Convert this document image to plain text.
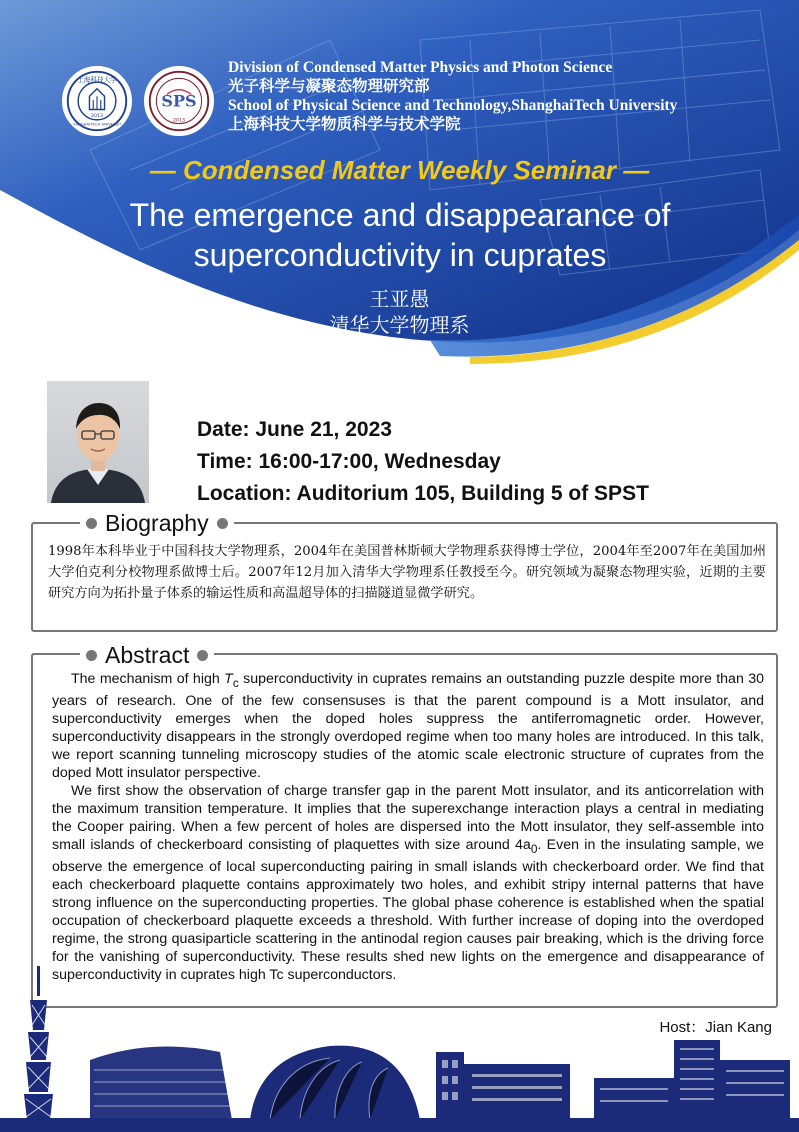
上海科技大学
SHANGHAITECH UNIVERSITY
2013
SPS
2013
Division of Condensed Matter Physics and Photon Science
光子科学与凝聚态物理研究部
School of Physical Science and Technology,ShanghaiTech University
上海科技大学物质科学与技术学院
— Condensed Matter Weekly Seminar —
The emergence and disappearance of
superconductivity in cuprates
王亚愚
清华大学物理系
Date: June 21, 2023
Time: 16:00-17:00, Wednesday
Location: Auditorium 105, Building 5 of SPST
Biography
1998年本科毕业于中国科技大学物理系，2004年在美国普林斯顿大学物理系获得博士学位，2004年至2007年在美国加州大学伯克利分校物理系做博士后。2007年12月加入清华大学物理系任教授至今。研究领域为凝聚态物理实验，近期的主要研究方向为拓扑量子体系的输运性质和高温超导体的扫描隧道显微学研究。
Abstract

The mechanism of high $T_c$ superconductivity in cuprates remains an outstanding puzzle despite more than 30 years of research. One of the few consensuses is that the parent compound is a Mott insulator, and superconductivity emerges when the doped holes suppress the antiferromagnetic order. However, superconductivity disappears in the strongly overdoped regime when too many holes are introduced. In this talk, we report scanning tunneling microscopy studies of the atomic scale electronic structure of cuprates from the doped Mott insulator perspective.

We first show the observation of charge transfer gap in the parent Mott insulator, and its anticorrelation with the maximum transition temperature. It implies that the superexchange interaction plays a central in mediating the Cooper pairing. When a few percent of holes are dispersed into the Mott insulator, they self-assemble into small islands of checkerboard consisting of plaquettes with size around $4a_0$. Even in the insulating sample, we observe the emergence of local superconducting pairing in small islands with checkerboard order. We find that each checkerboard plaquette contains approximately two holes, and exhibit stripy internal patterns that have strong influence on the superconducting properties. The global phase coherence is established when the spatial occupation of checkerboard plaquette exceeds a threshold. With further increase of doping into the overdoped regime, the strong quasiparticle scattering in the antinodal region causes pair breaking, which is the driving force for the vanishing of superconductivity. These results shed new lights on the emergence and disappearance of superconductivity in cuprates high Tc superconductors.

Host：Jian Kang
